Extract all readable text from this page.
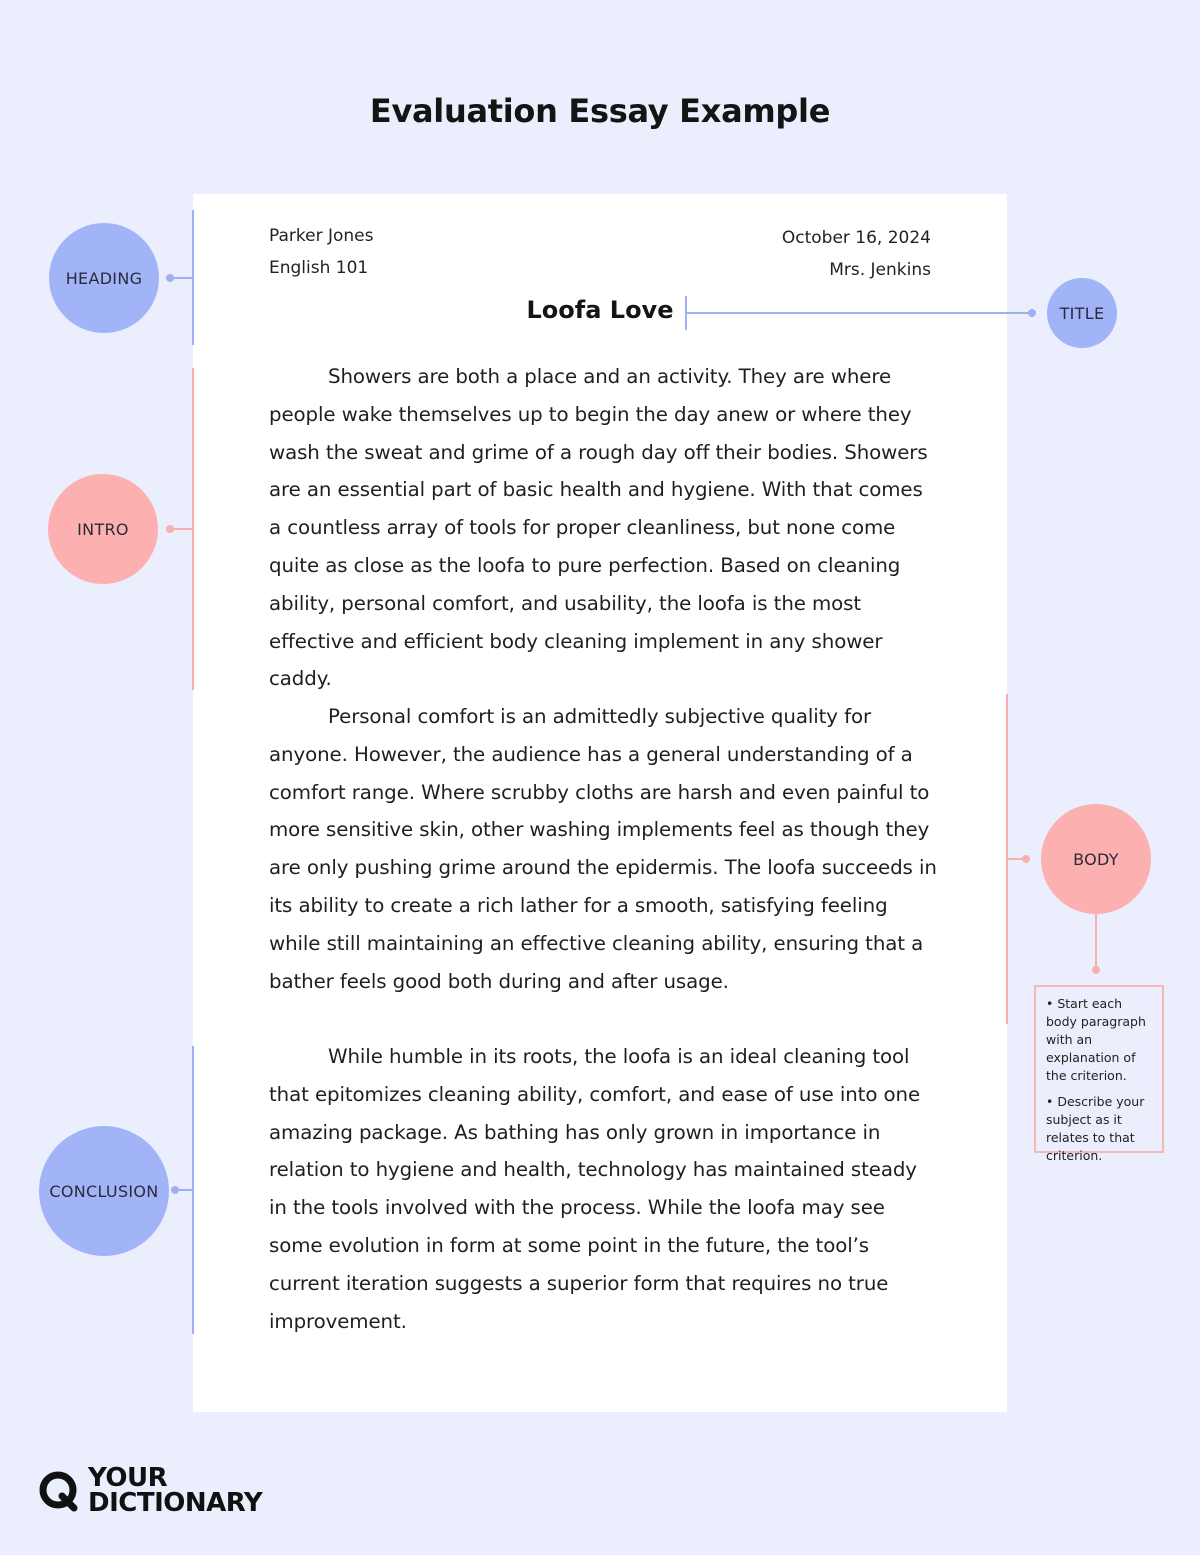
Evaluation Essay Example
Parker Jones
English 101
October 16, 2024
Mrs. Jenkins
Loofa Love

Showers are both a place and an activity. They are where people wake themselves up to begin the day anew or where they wash the sweat and grime of a rough day off their bodies. Showers are an essential part of basic health and hygiene. With that comes a countless array of tools for proper cleanliness, but none come quite as close as the loofa to pure perfection. Based on cleaning ability, personal comfort, and usability, the loofa is the most effective and efficient body cleaning implement in any shower caddy.

Personal comfort is an admittedly subjective quality for anyone. However, the audience has a general understanding of a comfort range. Where scrubby cloths are harsh and even painful to more sensitive skin, other washing implements feel as though they are only pushing grime around the epidermis. The loofa succeeds in its ability to create a rich lather for a smooth, satisfying feeling while still maintaining an effective cleaning ability, ensuring that a bather feels good both during and after usage.

While humble in its roots, the loofa is an ideal cleaning tool that epitomizes cleaning ability, comfort, and ease of use into one amazing package. As bathing has only grown in importance in relation to hygiene and health, technology has maintained steady in the tools involved with the process. While the loofa may see some evolution in form at some point in the future, the tool’s current iteration suggests a superior form that requires no true improvement.

HEADING
TITLE
INTRO
BODY

• Start each body paragraph with an explanation of the criterion.

• Describe your subject as it relates to that criterion.

CONCLUSION
YOUR
DICTIONARY
